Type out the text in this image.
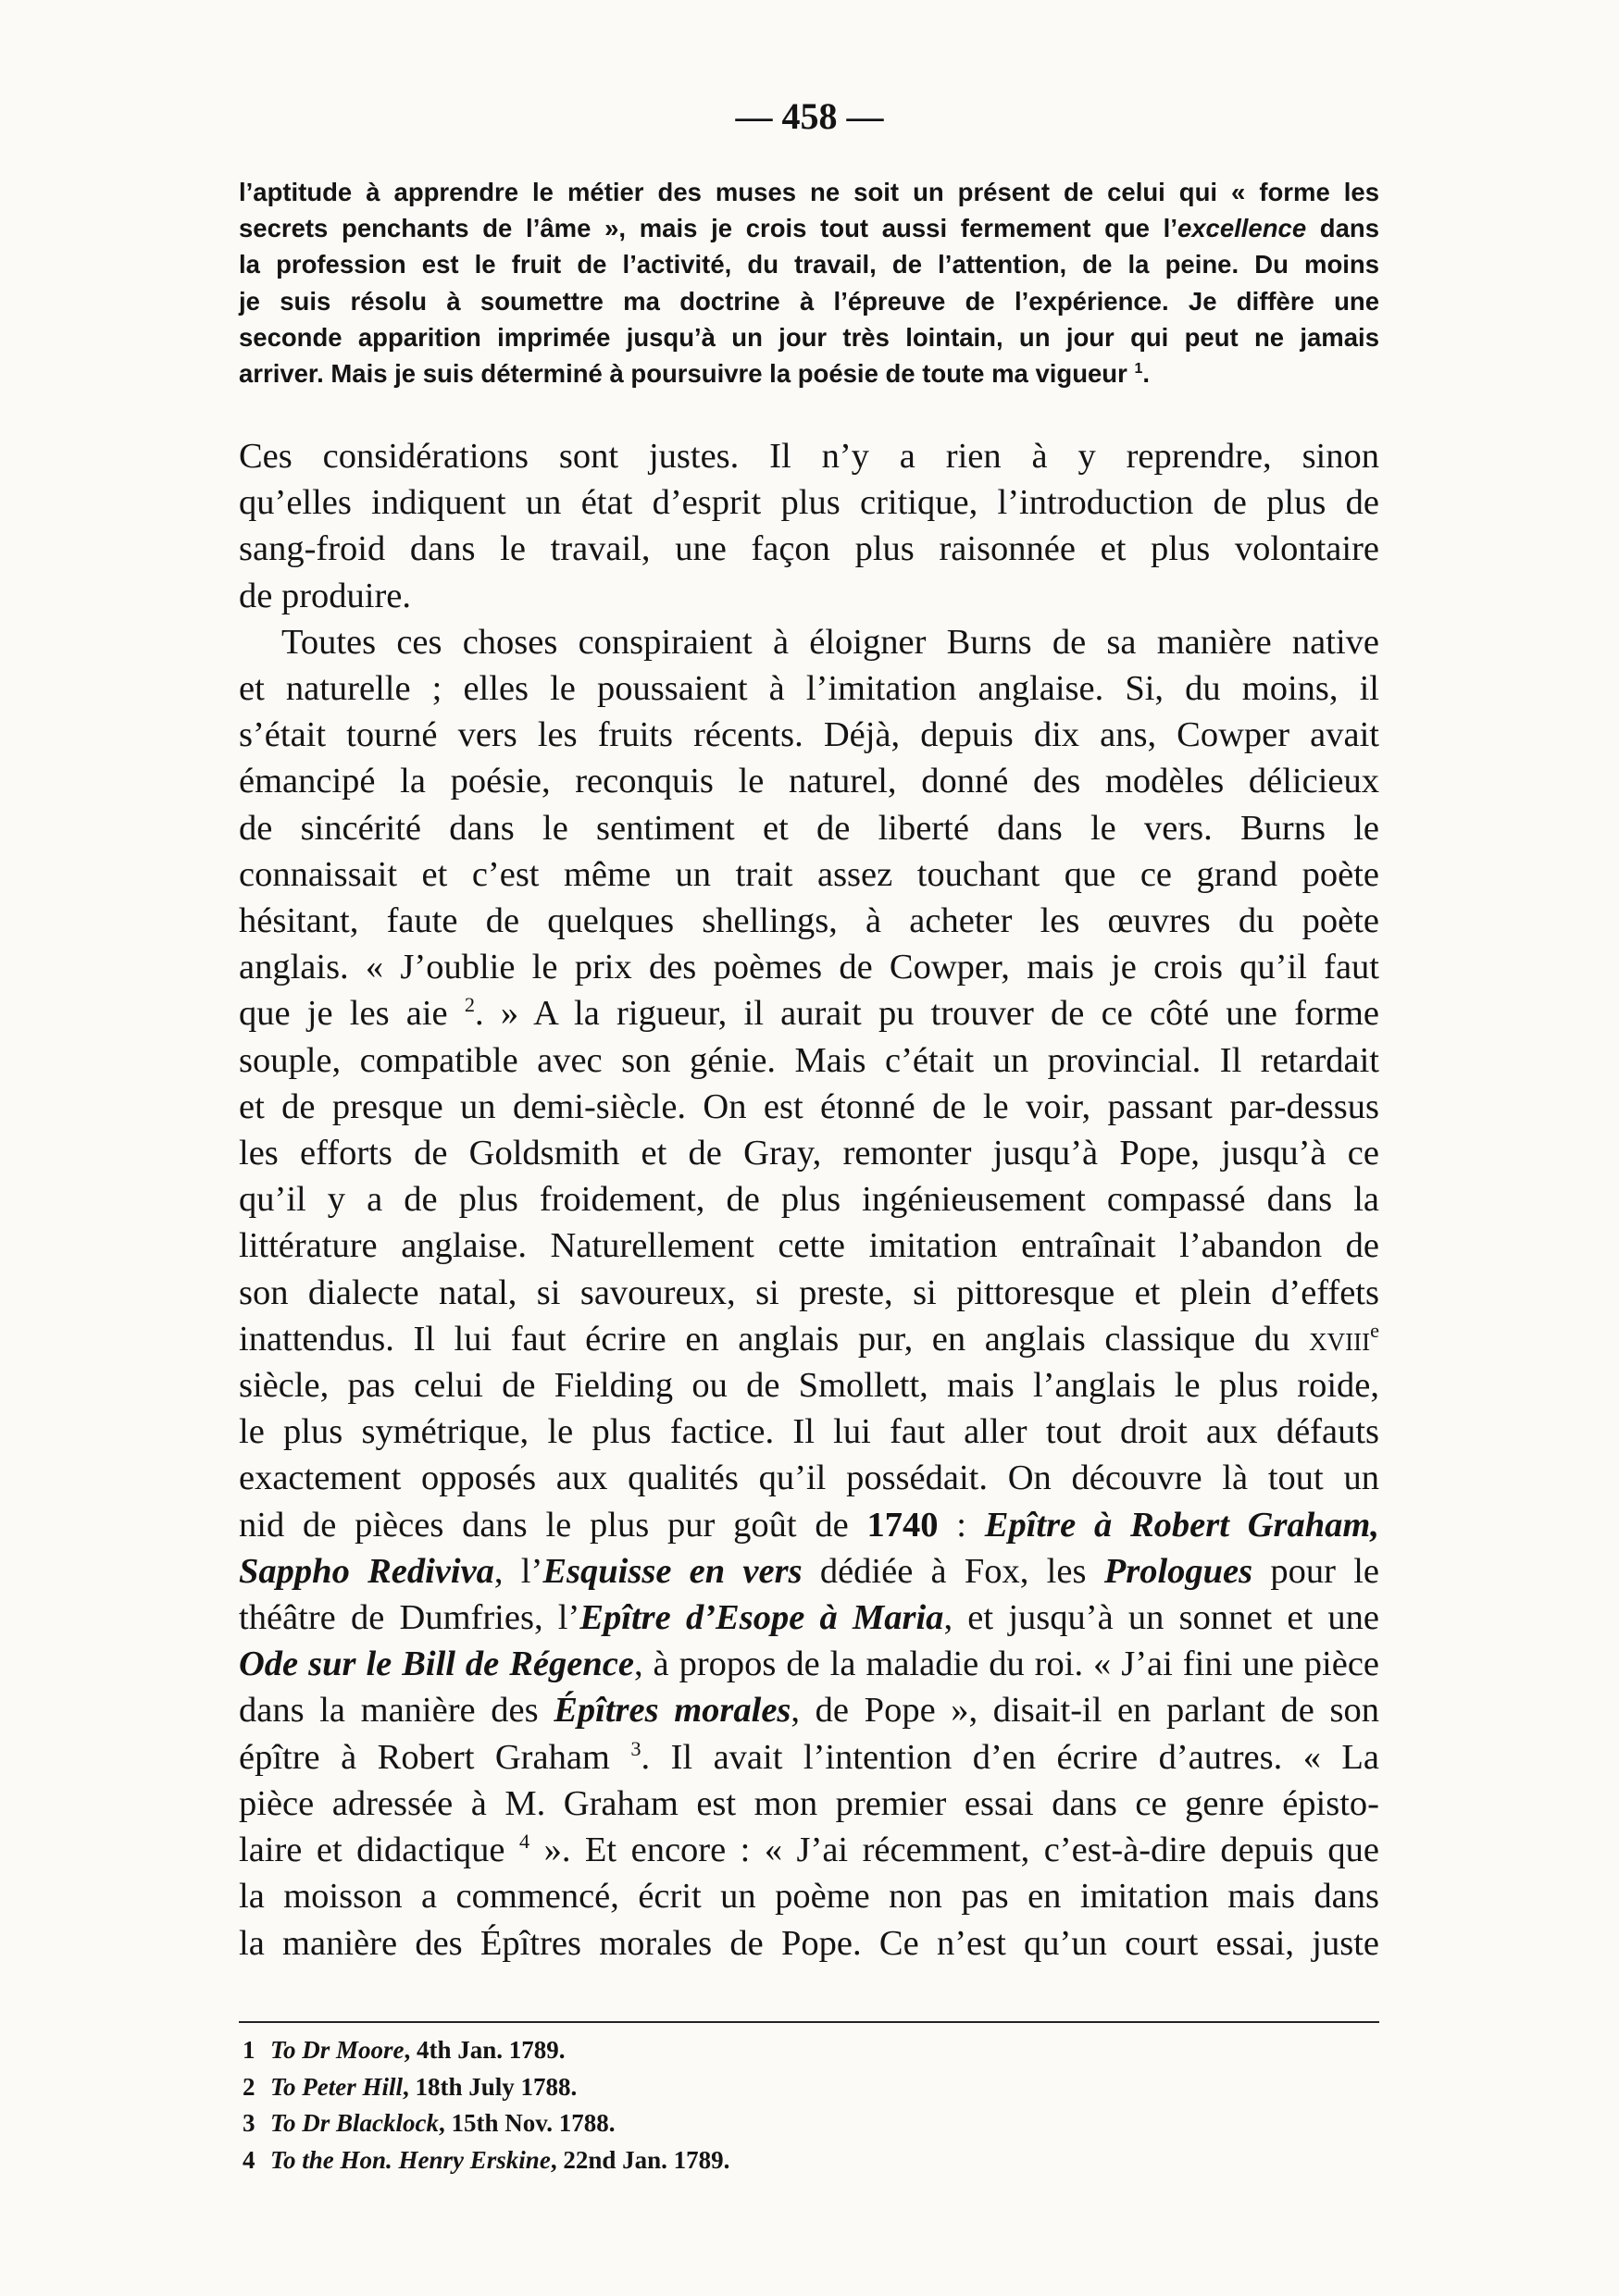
— 458 —
l’aptitude à apprendre le métier des muses ne soit un présent de celui qui « forme les
secrets penchants de l’âme », mais je crois tout aussi fermement que l’excellence dans
la profession est le fruit de l’activité, du travail, de l’attention, de la peine. Du moins
je suis résolu à soumettre ma doctrine à l’épreuve de l’expérience. Je diffère une
seconde apparition imprimée jusqu’à un jour très lointain, un jour qui peut ne jamais
arriver. Mais je suis déterminé à poursuivre la poésie de toute ma vigueur $^1$.
Ces considérations sont justes. Il n’y a rien à y reprendre, sinon
qu’elles indiquent un état d’esprit plus critique, l’introduction de plus de
sang-froid dans le travail, une façon plus raisonnée et plus volontaire
de produire.
Toutes ces choses conspiraient à éloigner Burns de sa manière native
et naturelle ; elles le poussaient à l’imitation anglaise. Si, du moins, il
s’était tourné vers les fruits récents. Déjà, depuis dix ans, Cowper avait
émancipé la poésie, reconquis le naturel, donné des modèles délicieux
de sincérité dans le sentiment et de liberté dans le vers. Burns le
connaissait et c’est même un trait assez touchant que ce grand poète
hésitant, faute de quelques shellings, à acheter les œuvres du poète
anglais. « J’oublie le prix des poèmes de Cowper, mais je crois qu’il faut
que je les aie $^2$. » A la rigueur, il aurait pu trouver de ce côté une forme
souple, compatible avec son génie. Mais c’était un provincial. Il retardait
et de presque un demi-siècle. On est étonné de le voir, passant par-dessus
les efforts de Goldsmith et de Gray, remonter jusqu’à Pope, jusqu’à ce
qu’il y a de plus froidement, de plus ingénieusement compassé dans la
littérature anglaise. Naturellement cette imitation entraînait l’abandon de
son dialecte natal, si savoureux, si preste, si pittoresque et plein d’effets
inattendus. Il lui faut écrire en anglais pur, en anglais classique du xviii$^e$
siècle, pas celui de Fielding ou de Smollett, mais l’anglais le plus roide,
le plus symétrique, le plus factice. Il lui faut aller tout droit aux défauts
exactement opposés aux qualités qu’il possédait. On découvre là tout un
nid de pièces dans le plus pur goût de 1740 : Epître à Robert Graham,
Sappho Redivivа, l’Esquisse en vers dédiée à Fox, les Prologues pour le
théâtre de Dumfries, l’Epître d’Esope à Maria, et jusqu’à un sonnet et une
Ode sur le Bill de Régence, à propos de la maladie du roi. « J’ai fini une pièce
dans la manière des Épîtres morales, de Pope », disait-il en parlant de son
épître à Robert Graham $^3$. Il avait l’intention d’en écrire d’autres. « La
pièce adressée à M. Graham est mon premier essai dans ce genre épisto-
laire et didactique $^4$ ». Et encore : « J’ai récemment, c’est-à-dire depuis que
la moisson a commencé, écrit un poème non pas en imitation mais dans
la manière des Épîtres morales de Pope. Ce n’est qu’un court essai, juste
1 To Dr Moore, 4th Jan. 1789.
2 To Peter Hill, 18th July 1788.
3 To Dr Blacklock, 15th Nov. 1788.
4 To the Hon. Henry Erskine, 22nd Jan. 1789.
